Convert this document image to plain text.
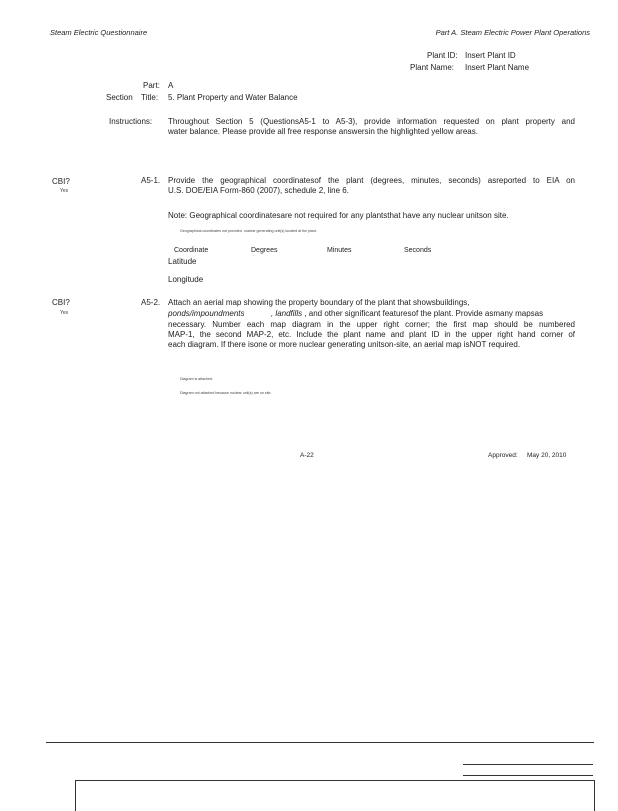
Steam Electric Questionnaire	Part A. Steam Electric Power Plant Operations
Plant ID: Insert Plant ID
Plant Name: Insert Plant Name
Part: A
Section Title: 5. Plant Property and Water Balance
Instructions: Throughout Section 5 (QuestionsA5-1 to A5-3), provide information requested on plant property and
water balance. Please provide all free response answersin the highlighted yellow areas.
CBI?
Yes
A5-1. Provide the geographical coordinatesof the plant (degrees, minutes, seconds) asreported to EIA on
U.S. DOE/EIA Form-860 (2007), schedule 2, line 6.
Note: Geographical coordinatesare not required for any plantsthat have any nuclear unitson site.
Geographical coordinates not provided, nuclear generating unit(s) located at the plant.
Coordinate	Degrees	Minutes	Seconds
Latitude
Longitude
CBI?
Yes
A5-2. Attach an aerial map showing the property boundary of the plant that showsbuildings,
ponds/impoundments	, landfills , and other significant featuresof the plant. Provide asmany mapsas
necessary. Number each map diagram in the upper right corner; the first map should be numbered
MAP-1, the second MAP-2, etc. Include the plant name and plant ID in the upper right hand corner of
each diagram. If there isone or more nuclear generating unitson-site, an aerial map isNOT required.
Diagram is attached.
Diagram not attached because nuclear unit(s) are on site.
A-22	Approved: May 20, 2010
